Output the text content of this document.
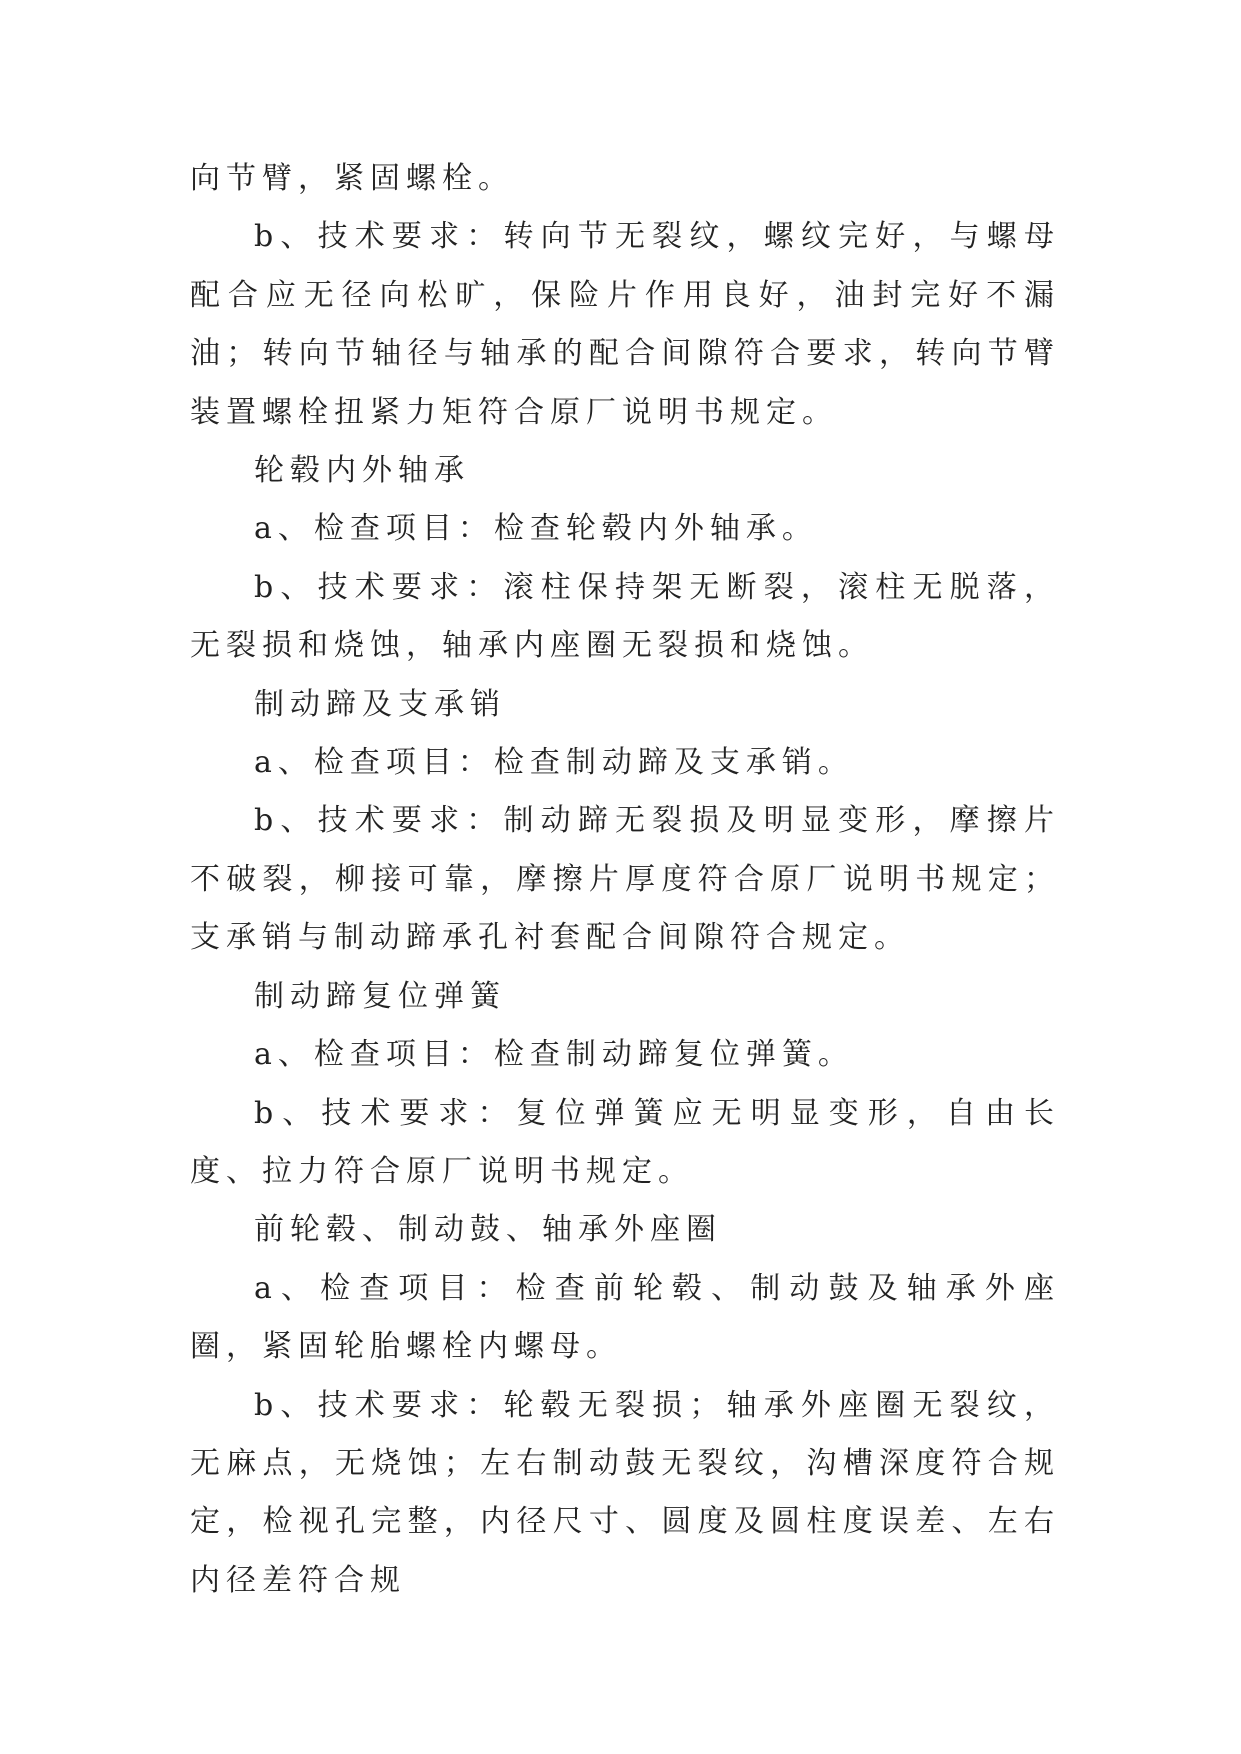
向节臂，紧固螺栓。

b、技术要求：转向节无裂纹，螺纹完好，与螺母配合应无径向松旷，保险片作用良好，油封完好不漏油；转向节轴径与轴承的配合间隙符合要求，转向节臂装置螺栓扭紧力矩符合原厂说明书规定。

轮毂内外轴承

a、检查项目：检查轮毂内外轴承。

b、技术要求：滚柱保持架无断裂，滚柱无脱落，无裂损和烧蚀，轴承内座圈无裂损和烧蚀。

制动蹄及支承销

a、检查项目：检查制动蹄及支承销。

b、技术要求：制动蹄无裂损及明显变形，摩擦片不破裂，柳接可靠，摩擦片厚度符合原厂说明书规定；支承销与制动蹄承孔衬套配合间隙符合规定。

制动蹄复位弹簧

a、检查项目：检查制动蹄复位弹簧。

b、技术要求：复位弹簧应无明显变形，自由长度、拉力符合原厂说明书规定。

前轮毂、制动鼓、轴承外座圈

a、检查项目：检查前轮毂、制动鼓及轴承外座圈，紧固轮胎螺栓内螺母。

b、技术要求：轮毂无裂损；轴承外座圈无裂纹，无麻点，无烧蚀；左右制动鼓无裂纹，沟槽深度符合规定，检视孔完整，内径尺寸、圆度及圆柱度误差、左右内径差符合规
